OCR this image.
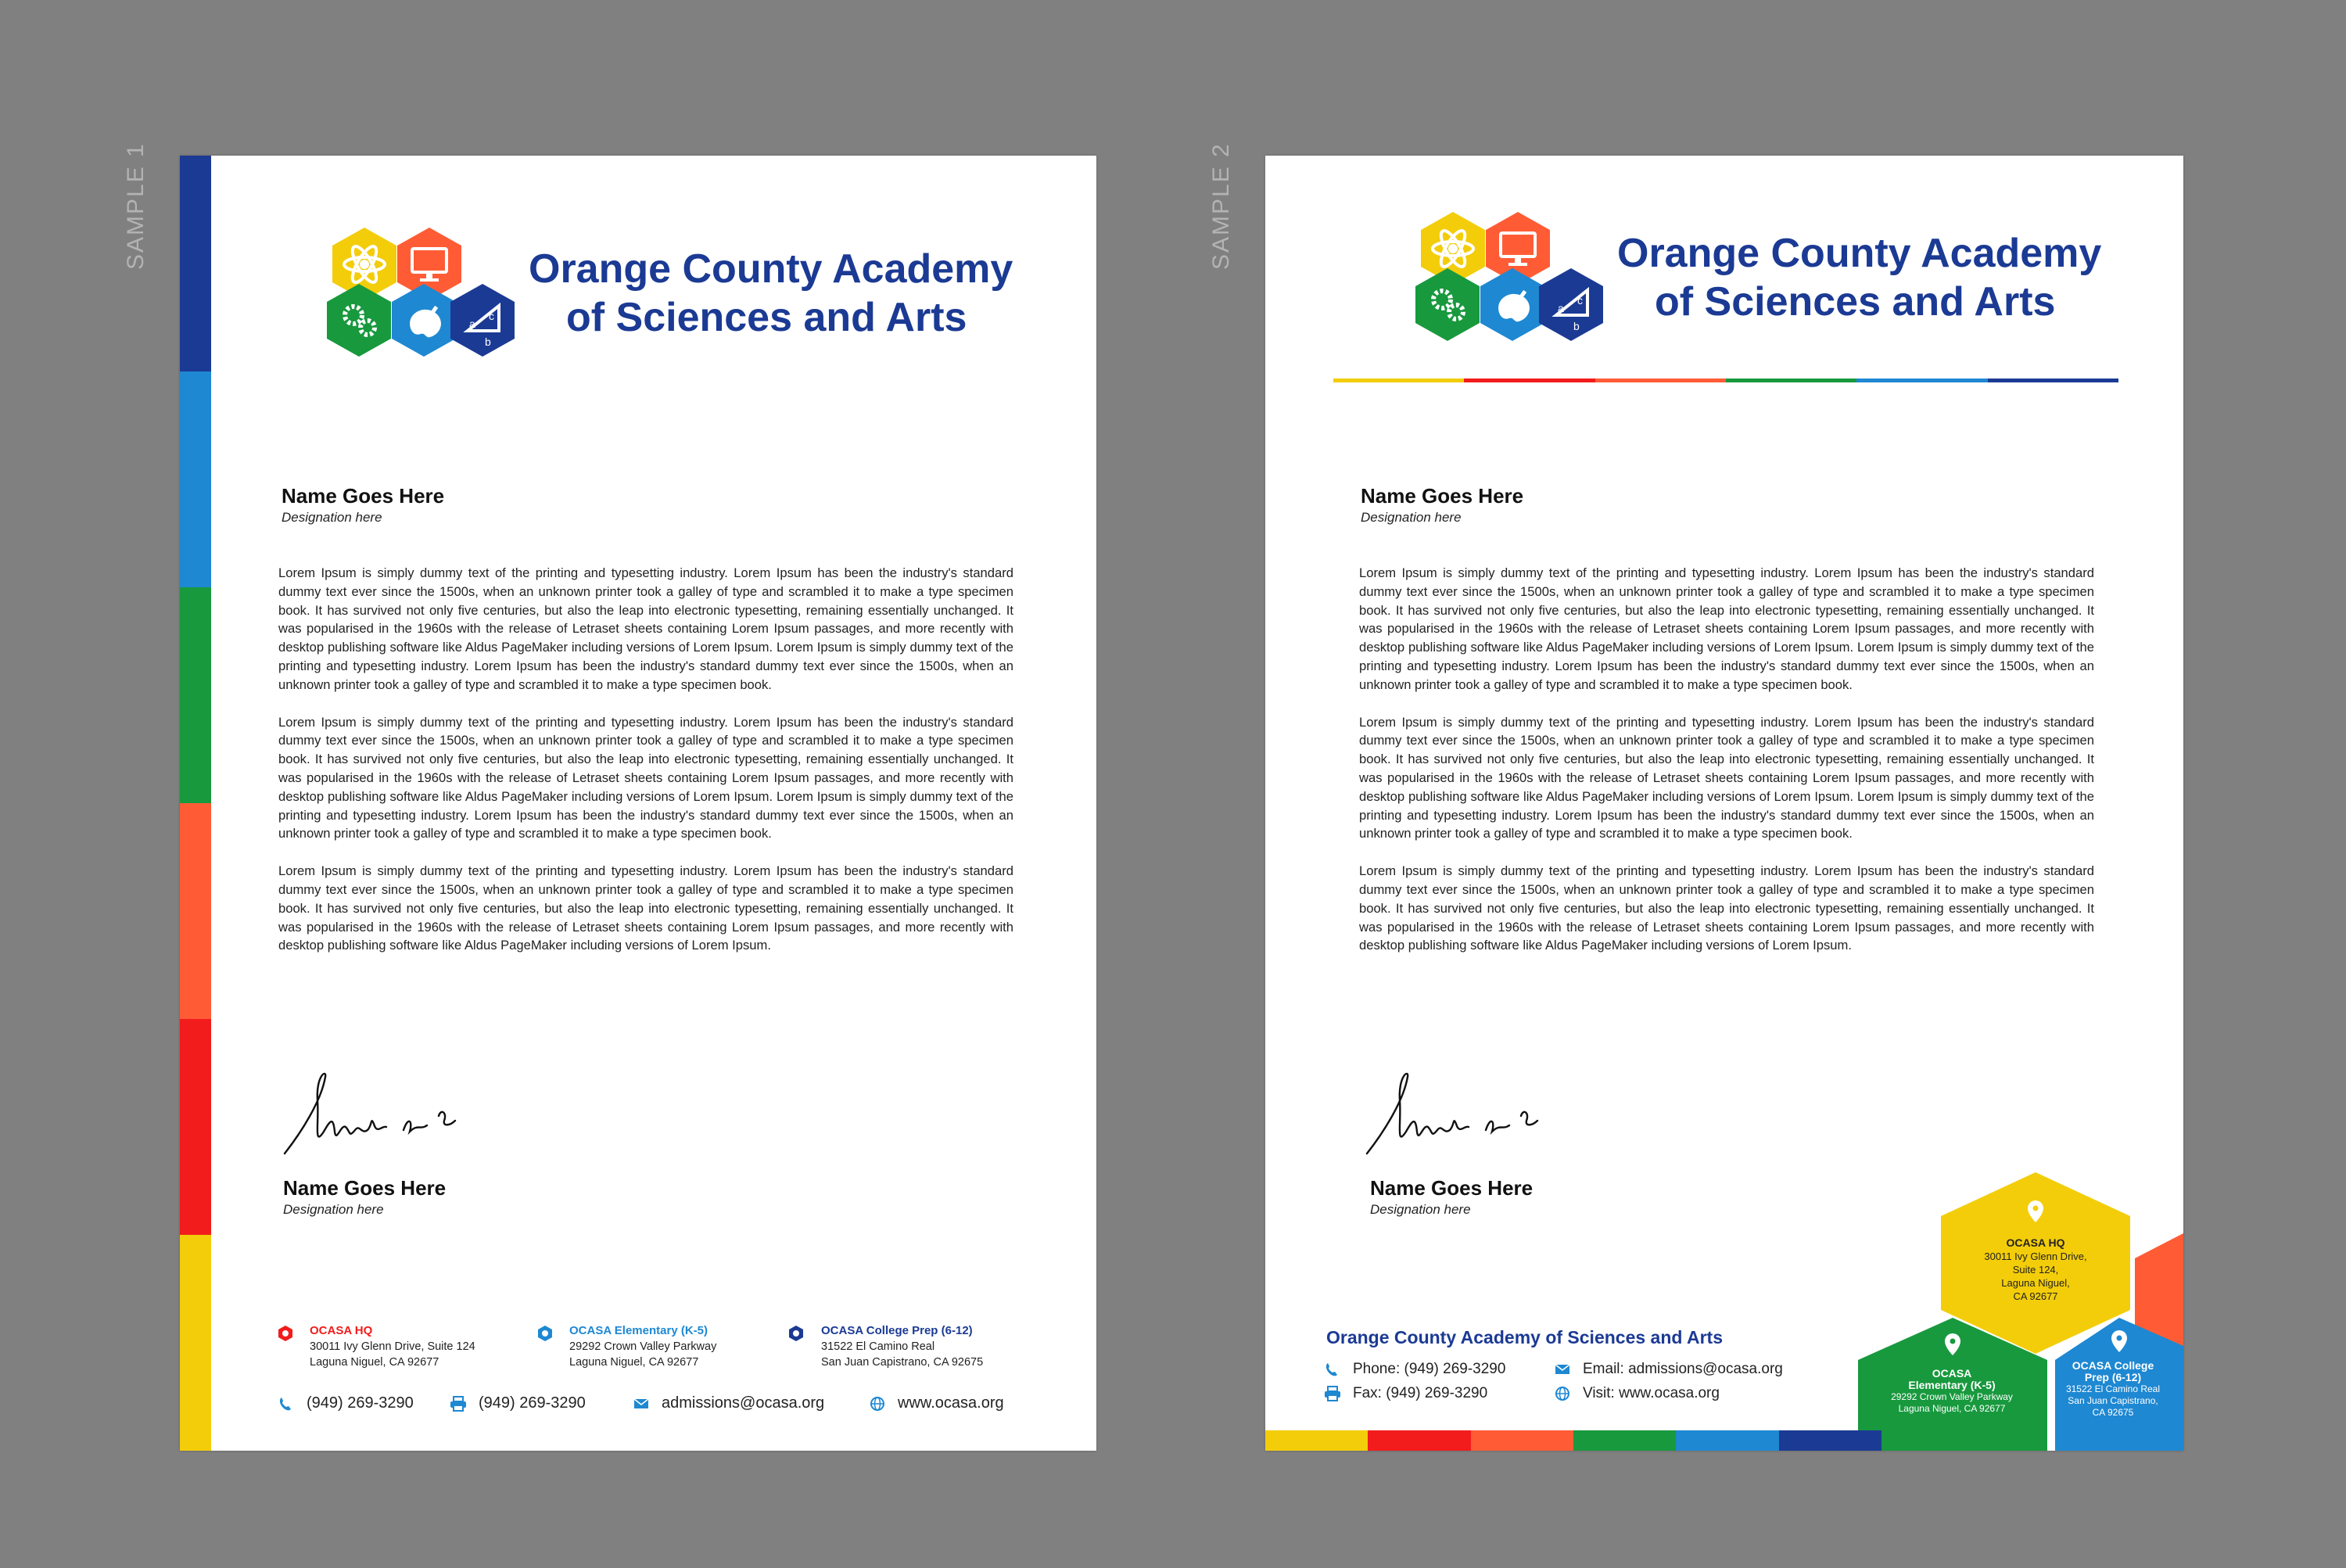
SAMPLE 1	SAMPLE 2
a
b
c
Orange County Academy
of Sciences and Arts
Name Goes Here
Designation here

Lorem Ipsum is simply dummy text of the printing and typesetting industry. Lorem Ipsum has been the industry's standard dummy text ever since the 1500s, when an unknown printer took a galley of type and scrambled it to make a type specimen book. It has survived not only five centuries, but also the leap into electronic typesetting, remaining essentially unchanged. It was popularised in the 1960s with the release of Letraset sheets containing Lorem Ipsum passages, and more recently with desktop publishing software like Aldus PageMaker including versions of Lorem Ipsum. Lorem Ipsum is simply dummy text of the printing and typesetting industry. Lorem Ipsum has been the industry's standard dummy text ever since the 1500s, when an unknown printer took a galley of type and scrambled it to make a type specimen book.

Lorem Ipsum is simply dummy text of the printing and typesetting industry. Lorem Ipsum has been the industry's standard dummy text ever since the 1500s, when an unknown printer took a galley of type and scrambled it to make a type specimen book. It has survived not only five centuries, but also the leap into electronic typesetting, remaining essentially unchanged. It was popularised in the 1960s with the release of Letraset sheets containing Lorem Ipsum passages, and more recently with desktop publishing software like Aldus PageMaker including versions of Lorem Ipsum. Lorem Ipsum is simply dummy text of the printing and typesetting industry. Lorem Ipsum has been the industry's standard dummy text ever since the 1500s, when an unknown printer took a galley of type and scrambled it to make a type specimen book.

Lorem Ipsum is simply dummy text of the printing and typesetting industry. Lorem Ipsum has been the industry's standard dummy text ever since the 1500s, when an unknown printer took a galley of type and scrambled it to make a type specimen book. It has survived not only five centuries, but also the leap into electronic typesetting, remaining essentially unchanged. It was popularised in the 1960s with the release of Letraset sheets containing Lorem Ipsum passages, and more recently with desktop publishing software like Aldus PageMaker including versions of Lorem Ipsum.

Name Goes Here
Designation here
OCASA HQ
30011 Ivy Glenn Drive, Suite 124
Laguna Niguel, CA 92677
OCASA Elementary (K-5)
29292 Crown Valley Parkway
Laguna Niguel, CA 92677
OCASA College Prep (6-12)
31522 El Camino Real
San Juan Capistrano, CA 92675
(949) 269-3290	(949) 269-3290	admissions@ocasa.org	www.ocasa.org
a
b
c
Orange County Academy
of Sciences and Arts
Name Goes Here
Designation here

Lorem Ipsum is simply dummy text of the printing and typesetting industry. Lorem Ipsum has been the industry's standard dummy text ever since the 1500s, when an unknown printer took a galley of type and scrambled it to make a type specimen book. It has survived not only five centuries, but also the leap into electronic typesetting, remaining essentially unchanged. It was popularised in the 1960s with the release of Letraset sheets containing Lorem Ipsum passages, and more recently with desktop publishing software like Aldus PageMaker including versions of Lorem Ipsum. Lorem Ipsum is simply dummy text of the printing and typesetting industry. Lorem Ipsum has been the industry's standard dummy text ever since the 1500s, when an unknown printer took a galley of type and scrambled it to make a type specimen book.

Lorem Ipsum is simply dummy text of the printing and typesetting industry. Lorem Ipsum has been the industry's standard dummy text ever since the 1500s, when an unknown printer took a galley of type and scrambled it to make a type specimen book. It has survived not only five centuries, but also the leap into electronic typesetting, remaining essentially unchanged. It was popularised in the 1960s with the release of Letraset sheets containing Lorem Ipsum passages, and more recently with desktop publishing software like Aldus PageMaker including versions of Lorem Ipsum. Lorem Ipsum is simply dummy text of the printing and typesetting industry. Lorem Ipsum has been the industry's standard dummy text ever since the 1500s, when an unknown printer took a galley of type and scrambled it to make a type specimen book.

Lorem Ipsum is simply dummy text of the printing and typesetting industry. Lorem Ipsum has been the industry's standard dummy text ever since the 1500s, when an unknown printer took a galley of type and scrambled it to make a type specimen book. It has survived not only five centuries, but also the leap into electronic typesetting, remaining essentially unchanged. It was popularised in the 1960s with the release of Letraset sheets containing Lorem Ipsum passages, and more recently with desktop publishing software like Aldus PageMaker including versions of Lorem Ipsum.

Name Goes Here
Designation here
Orange County Academy of Sciences and Arts
Phone: (949) 269-3290
Fax: (949) 269-3290
Email: admissions@ocasa.org
Visit: www.ocasa.org
OCASA HQ
30011 Ivy Glenn Drive,
Suite 124,
Laguna Niguel,
CA 92677
OCASA
Elementary (K-5)
29292 Crown Valley Parkway
Laguna Niguel, CA 92677
OCASA College
Prep (6-12)
31522 El Camino Real
San Juan Capistrano,
CA 92675
